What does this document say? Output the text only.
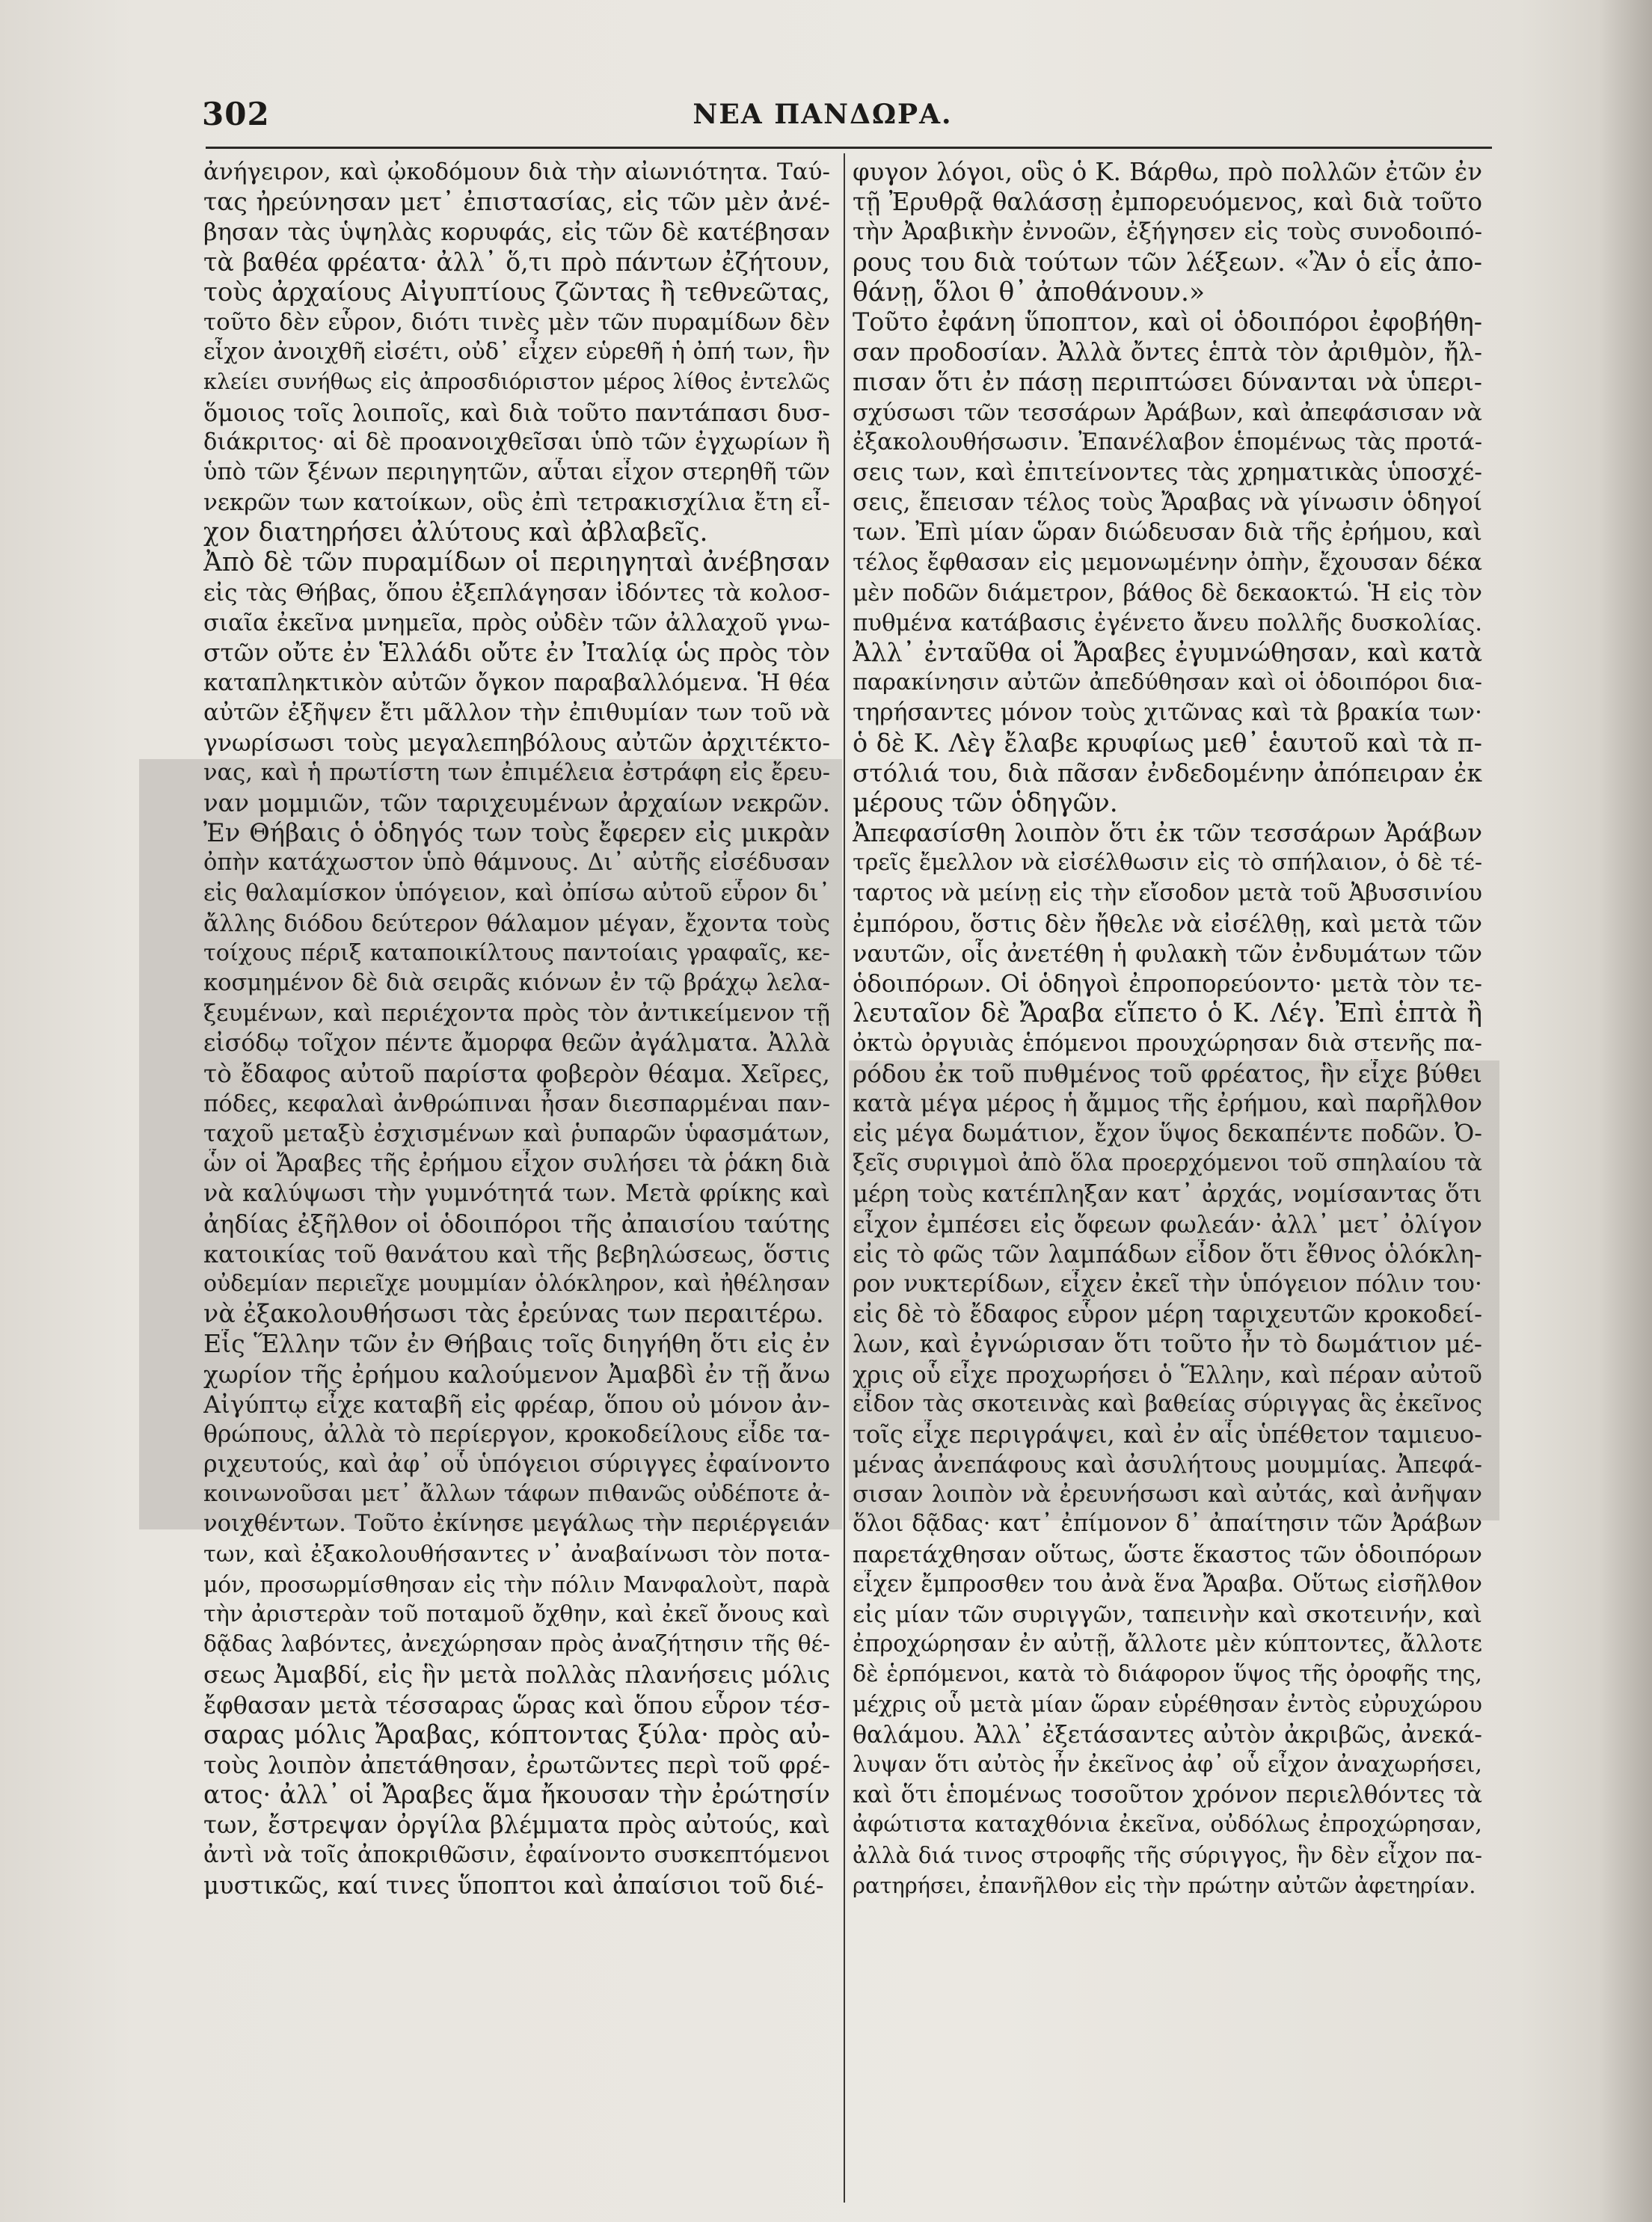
302	ΝΕΑ ΠΑΝΔΩΡΑ.
ἀνήγειρον, καὶ ᾠκοδόμουν διὰ τὴν αἰωνιότητα. Ταύ-
τας ἠρεύνησαν μετ᾽ ἐπιστασίας, εἰς τῶν μὲν ἀνέ-
βησαν τὰς ὑψηλὰς κορυφάς, εἰς τῶν δὲ κατέβησαν
τὰ βαθέα φρέατα· ἀλλ᾽ ὅ,τι πρὸ πάντων ἐζήτουν,
τοὺς ἀρχαίους Αἰγυπτίους ζῶντας ἢ τεθνεῶτας,
τοῦτο δὲν εὗρον, διότι τινὲς μὲν τῶν πυραμίδων δὲν
εἶχον ἀνοιχθῆ εἰσέτι, οὐδ᾽ εἶχεν εὑρεθῆ ἡ ὀπή των, ἣν
κλείει συνήθως εἰς ἀπροσδιόριστον μέρος λίθος ἐντελῶς
ὅμοιος τοῖς λοιποῖς, καὶ διὰ τοῦτο παντάπασι δυσ-
διάκριτος· αἱ δὲ προανοιχθεῖσαι ὑπὸ τῶν ἐγχωρίων ἢ
ὑπὸ τῶν ξένων περιηγητῶν, αὗται εἶχον στερηθῆ τῶν
νεκρῶν των κατοίκων, οὓς ἐπὶ τετρακισχίλια ἔτη εἶ-
χον διατηρήσει ἀλύτους καὶ ἀβλαβεῖς.
Ἀπὸ δὲ τῶν πυραμίδων οἱ περιηγηταὶ ἀνέβησαν
εἰς τὰς Θήβας, ὅπου ἐξεπλάγησαν ἰδόντες τὰ κολοσ-
σιαῖα ἐκεῖνα μνημεῖα, πρὸς οὐδὲν τῶν ἀλλαχοῦ γνω-
στῶν οὔτε ἐν Ἑλλάδι οὔτε ἐν Ἰταλίᾳ ὡς πρὸς τὸν
καταπληκτικὸν αὐτῶν ὄγκον παραβαλλόμενα. Ἡ θέα
αὐτῶν ἐξῆψεν ἔτι μᾶλλον τὴν ἐπιθυμίαν των τοῦ νὰ
γνωρίσωσι τοὺς μεγαλεπηβόλους αὐτῶν ἀρχιτέκτο-
νας, καὶ ἡ πρωτίστη των ἐπιμέλεια ἐστράφη εἰς ἔρευ-
ναν μομμιῶν, τῶν ταριχευμένων ἀρχαίων νεκρῶν.
Ἐν Θήβαις ὁ ὁδηγός των τοὺς ἔφερεν εἰς μικρὰν
ὀπὴν κατάχωστον ὑπὸ θάμνους. Δι᾽ αὐτῆς εἰσέδυσαν
εἰς θαλαμίσκον ὑπόγειον, καὶ ὀπίσω αὐτοῦ εὗρον δι᾽
ἄλλης διόδου δεύτερον θάλαμον μέγαν, ἔχοντα τοὺς
τοίχους πέριξ καταποικίλτους παντοίαις γραφαῖς, κε-
κοσμημένον δὲ διὰ σειρᾶς κιόνων ἐν τῷ βράχῳ λελα-
ξευμένων, καὶ περιέχοντα πρὸς τὸν ἀντικείμενον τῇ
εἰσόδῳ τοῖχον πέντε ἄμορφα θεῶν ἀγάλματα. Ἀλλὰ
τὸ ἔδαφος αὐτοῦ παρίστα φοβερὸν θέαμα. Χεῖρες,
πόδες, κεφαλαὶ ἀνθρώπιναι ἦσαν διεσπαρμέναι παν-
ταχοῦ μεταξὺ ἐσχισμένων καὶ ῥυπαρῶν ὑφασμάτων,
ὧν οἱ Ἄραβες τῆς ἐρήμου εἶχον συλήσει τὰ ῥάκη διὰ
νὰ καλύψωσι τὴν γυμνότητά των. Μετὰ φρίκης καὶ
ἀηδίας ἐξῆλθον οἱ ὁδοιπόροι τῆς ἀπαισίου ταύτης
κατοικίας τοῦ θανάτου καὶ τῆς βεβηλώσεως, ὅστις
οὐδεμίαν περιεῖχε μουμμίαν ὁλόκληρον, καὶ ἠθέλησαν
νὰ ἐξακολουθήσωσι τὰς ἐρεύνας των περαιτέρω.
Εἷς Ἕλλην τῶν ἐν Θήβαις τοῖς διηγήθη ὅτι εἰς ἐν
χωρίον τῆς ἐρήμου καλούμενον Ἀμαβδὶ ἐν τῇ ἄνω
Αἰγύπτῳ εἶχε καταβῆ εἰς φρέαρ, ὅπου οὐ μόνον ἀν-
θρώπους, ἀλλὰ τὸ περίεργον, κροκοδείλους εἶδε τα-
ριχευτούς, καὶ ἀφ᾽ οὗ ὑπόγειοι σύριγγες ἐφαίνοντο
κοινωνοῦσαι μετ᾽ ἄλλων τάφων πιθανῶς οὐδέποτε ἀ-
νοιχθέντων. Τοῦτο ἐκίνησε μεγάλως τὴν περιέργειάν
των, καὶ ἐξακολουθήσαντες ν᾽ ἀναβαίνωσι τὸν ποτα-
μόν, προσωρμίσθησαν εἰς τὴν πόλιν Μανφαλοὺτ, παρὰ
τὴν ἀριστερὰν τοῦ ποταμοῦ ὄχθην, καὶ ἐκεῖ ὄνους καὶ
δᾷδας λαβόντες, ἀνεχώρησαν πρὸς ἀναζήτησιν τῆς θέ-
σεως Ἀμαβδί, εἰς ἣν μετὰ πολλὰς πλανήσεις μόλις
ἔφθασαν μετὰ τέσσαρας ὥρας καὶ ὅπου εὗρον τέσ-
σαρας μόλις Ἄραβας, κόπτοντας ξύλα· πρὸς αὐ-
τοὺς λοιπὸν ἀπετάθησαν, ἐρωτῶντες περὶ τοῦ φρέ-
ατος· ἀλλ᾽ οἱ Ἄραβες ἅμα ἤκουσαν τὴν ἐρώτησίν
των, ἔστρεψαν ὀργίλα βλέμματα πρὸς αὐτούς, καὶ
ἀντὶ νὰ τοῖς ἀποκριθῶσιν, ἐφαίνοντο συσκεπτόμενοι
μυστικῶς, καί τινες ὕποπτοι καὶ ἀπαίσιοι τοῦ διέ-
φυγον λόγοι, οὓς ὁ Κ. Βάρθω, πρὸ πολλῶν ἐτῶν ἐν
τῇ Ἐρυθρᾷ θαλάσσῃ ἐμπορευόμενος, καὶ διὰ τοῦτο
τὴν Ἀραβικὴν ἐννοῶν, ἐξήγησεν εἰς τοὺς συνοδοιπό-
ρους του διὰ τούτων τῶν λέξεων. «Ἂν ὁ εἷς ἀπο-
θάνῃ, ὅλοι θ᾽ ἀποθάνουν.»
Τοῦτο ἐφάνη ὕποπτον, καὶ οἱ ὁδοιπόροι ἐφοβήθη-
σαν προδοσίαν. Ἀλλὰ ὄντες ἑπτὰ τὸν ἀριθμὸν, ἤλ-
πισαν ὅτι ἐν πάσῃ περιπτώσει δύνανται νὰ ὑπερι-
σχύσωσι τῶν τεσσάρων Ἀράβων, καὶ ἀπεφάσισαν νὰ
ἐξακολουθήσωσιν. Ἐπανέλαβον ἑπομένως τὰς προτά-
σεις των, καὶ ἐπιτείνοντες τὰς χρηματικὰς ὑποσχέ-
σεις, ἔπεισαν τέλος τοὺς Ἄραβας νὰ γίνωσιν ὁδηγοί
των. Ἐπὶ μίαν ὥραν διώδευσαν διὰ τῆς ἐρήμου, καὶ
τέλος ἔφθασαν εἰς μεμονωμένην ὀπὴν, ἔχουσαν δέκα
μὲν ποδῶν διάμετρον, βάθος δὲ δεκαοκτώ. Ἡ εἰς τὸν
πυθμένα κατάβασις ἐγένετο ἄνευ πολλῆς δυσκολίας.
Ἀλλ᾽ ἐνταῦθα οἱ Ἄραβες ἐγυμνώθησαν, καὶ κατὰ
παρακίνησιν αὐτῶν ἀπεδύθησαν καὶ οἱ ὁδοιπόροι δια-
τηρήσαντες μόνον τοὺς χιτῶνας καὶ τὰ βρακία των·
ὁ δὲ Κ. Λὲγ ἔλαβε κρυφίως μεθ᾽ ἑαυτοῦ καὶ τὰ π-
στόλιά του, διὰ πᾶσαν ἐνδεδομένην ἀπόπειραν ἐκ
μέρους τῶν ὁδηγῶν.
Ἀπεφασίσθη λοιπὸν ὅτι ἐκ τῶν τεσσάρων Ἀράβων
τρεῖς ἔμελλον νὰ εἰσέλθωσιν εἰς τὸ σπήλαιον, ὁ δὲ τέ-
ταρτος νὰ μείνῃ εἰς τὴν εἴσοδον μετὰ τοῦ Ἀβυσσινίου
ἐμπόρου, ὅστις δὲν ἤθελε νὰ εἰσέλθῃ, καὶ μετὰ τῶν
ναυτῶν, οἷς ἀνετέθη ἡ φυλακὴ τῶν ἐνδυμάτων τῶν
ὁδοιπόρων. Οἱ ὁδηγοὶ ἐπροπορεύοντο· μετὰ τὸν τε-
λευταῖον δὲ Ἄραβα εἵπετο ὁ Κ. Λέγ. Ἐπὶ ἑπτὰ ἢ
ὀκτὼ ὀργυιὰς ἑπόμενοι προυχώρησαν διὰ στενῆς πα-
ρόδου ἐκ τοῦ πυθμένος τοῦ φρέατος, ἣν εἶχε βύθει
κατὰ μέγα μέρος ἡ ἄμμος τῆς ἐρήμου, καὶ παρῆλθον
εἰς μέγα δωμάτιον, ἔχον ὕψος δεκαπέντε ποδῶν. Ὀ-
ξεῖς συριγμοὶ ἀπὸ ὅλα προερχόμενοι τοῦ σπηλαίου τὰ
μέρη τοὺς κατέπληξαν κατ᾽ ἀρχάς, νομίσαντας ὅτι
εἶχον ἐμπέσει εἰς ὄφεων φωλεάν· ἀλλ᾽ μετ᾽ ὀλίγον
εἰς τὸ φῶς τῶν λαμπάδων εἶδον ὅτι ἔθνος ὁλόκλη-
ρον νυκτερίδων, εἶχεν ἐκεῖ τὴν ὑπόγειον πόλιν του·
εἰς δὲ τὸ ἔδαφος εὗρον μέρη ταριχευτῶν κροκοδεί-
λων, καὶ ἐγνώρισαν ὅτι τοῦτο ἦν τὸ δωμάτιον μέ-
χρις οὗ εἶχε προχωρήσει ὁ Ἕλλην, καὶ πέραν αὐτοῦ
εἶδον τὰς σκοτεινὰς καὶ βαθείας σύριγγας ἃς ἐκεῖνος
τοῖς εἶχε περιγράψει, καὶ ἐν αἷς ὑπέθετον ταμιευο-
μένας ἀνεπάφους καὶ ἀσυλήτους μουμμίας. Ἀπεφά-
σισαν λοιπὸν νὰ ἐρευνήσωσι καὶ αὐτάς, καὶ ἀνῆψαν
ὅλοι δᾷδας· κατ᾽ ἐπίμονον δ᾽ ἀπαίτησιν τῶν Ἀράβων
παρετάχθησαν οὕτως, ὥστε ἕκαστος τῶν ὁδοιπόρων
εἶχεν ἔμπροσθεν του ἀνὰ ἕνα Ἄραβα. Οὕτως εἰσῆλθον
εἰς μίαν τῶν συριγγῶν, ταπεινὴν καὶ σκοτεινήν, καὶ
ἐπροχώρησαν ἐν αὐτῇ, ἄλλοτε μὲν κύπτοντες, ἄλλοτε
δὲ ἑρπόμενοι, κατὰ τὸ διάφορον ὕψος τῆς ὀροφῆς της,
μέχρις οὗ μετὰ μίαν ὥραν εὑρέθησαν ἐντὸς εὐρυχώρου
θαλάμου. Ἀλλ᾽ ἐξετάσαντες αὐτὸν ἀκριβῶς, ἀνεκά-
λυψαν ὅτι αὐτὸς ἦν ἐκεῖνος ἀφ᾽ οὗ εἶχον ἀναχωρήσει,
καὶ ὅτι ἑπομένως τοσοῦτον χρόνον περιελθόντες τὰ
ἀφώτιστα καταχθόνια ἐκεῖνα, οὐδόλως ἐπροχώρησαν,
ἀλλὰ διά τινος στροφῆς τῆς σύριγγος, ἣν δὲν εἶχον πα-
ρατηρήσει, ἐπανῆλθον εἰς τὴν πρώτην αὐτῶν ἀφετηρίαν.
